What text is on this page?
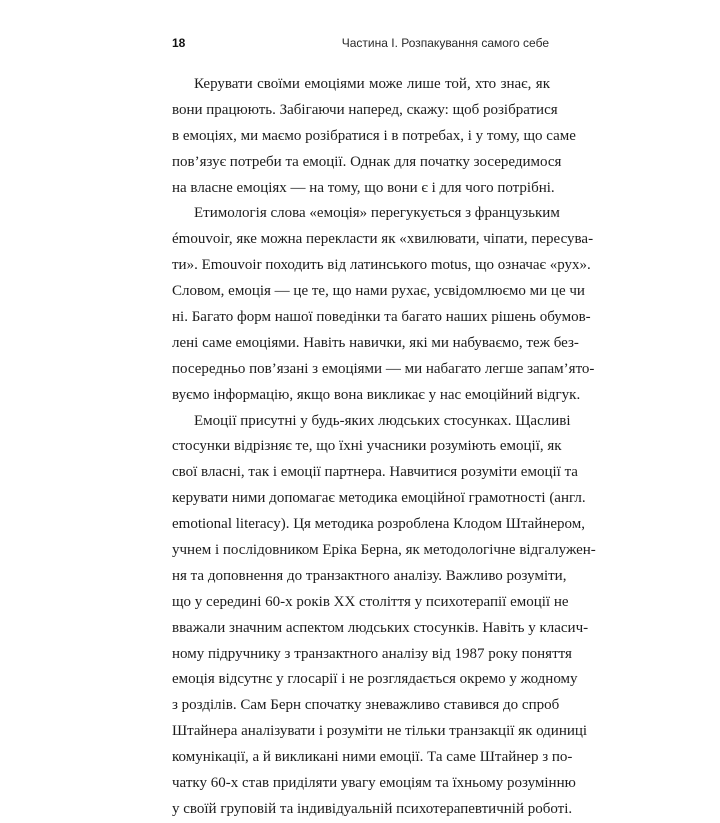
18	Частина І. Розпакування самого себе
Керувати своїми емоціями може лише той, хто знає, як
вони працюють. Забігаючи наперед, скажу: щоб розібратися
в емоціях, ми маємо розібратися і в потребах, і у тому, що саме
пов’язує потреби та емоції. Однак для початку зосередимося
на власне емоціях — на тому, що вони є і для чого потрібні.
Етимологія слова «емоція» перегукується з французьким
émouvoir, яке можна перекласти як «хвилювати, чіпати, пересува-
ти». Emouvoir походить від латинського motus, що означає «рух».
Словом, емоція — це те, що нами рухає, усвідомлюємо ми це чи
ні. Багато форм нашої поведінки та багато наших рішень обумов-
лені саме емоціями. Навіть навички, які ми набуваємо, теж без-
посередньо пов’язані з емоціями — ми набагато легше запам’ято-
вуємо інформацію, якщо вона викликає у нас емоційний відгук.
Емоції присутні у будь-яких людських стосунках. Щасливі
стосунки відрізняє те, що їхні учасники розуміють емоції, як
свої власні, так і емоції партнера. Навчитися розуміти емоції та
керувати ними допомагає методика емоційної грамотності (англ.
emotional literacy). Ця методика розроблена Клодом Штайнером,
учнем і послідовником Еріка Берна, як методологічне відгалужен-
ня та доповнення до транзактного аналізу. Важливо розуміти,
що у середині 60-х років XX століття у психотерапії емоції не
вважали значним аспектом людських стосунків. Навіть у класич-
ному підручнику з транзактного аналізу від 1987 року поняття
емоція відсутнє у глосарії і не розглядається окремо у жодному
з розділів. Сам Берн спочатку зневажливо ставився до спроб
Штайнера аналізувати і розуміти не тільки транзакції як одиниці
комунікації, а й викликані ними емоції. Та саме Штайнер з по-
чатку 60-х став приділяти увагу емоціям та їхньому розумінню
у своїй груповій та індивідуальній психотерапевтичній роботі.
